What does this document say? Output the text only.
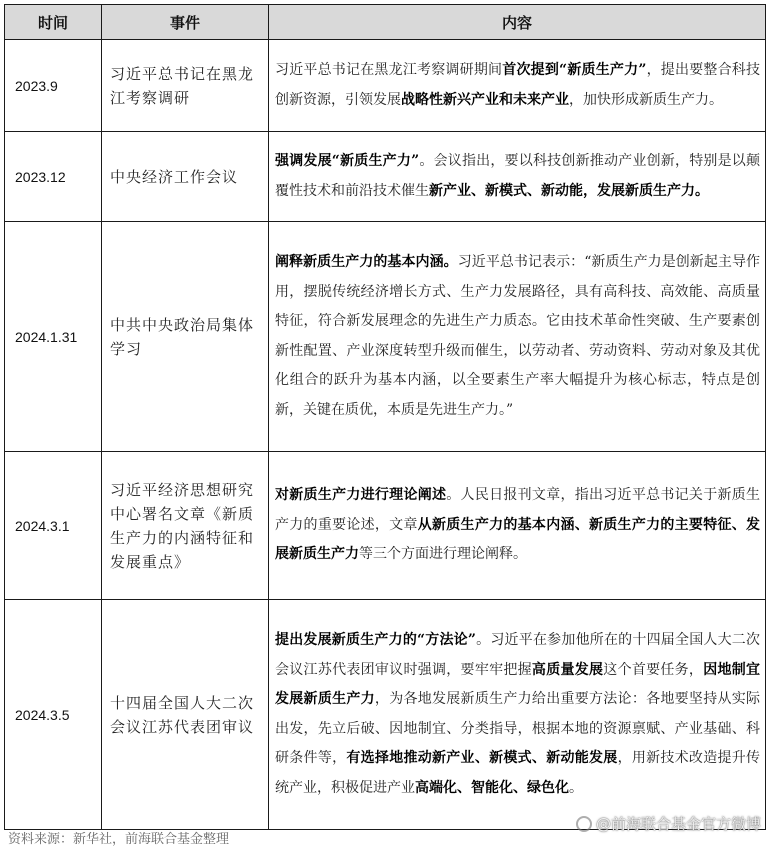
时间	事件	内容
2023.9	习近平总书记在黑龙江考察调研	习近平总书记在黑龙江考察调研期间首次提到“新质生产力”，提出要整合科技创新资源，引领发展战略性新兴产业和未来产业，加快形成新质生产力。
2023.12	中央经济工作会议	强调发展“新质生产力”。会议指出，要以科技创新推动产业创新，特别是以颠覆性技术和前沿技术催生新产业、新模式、新动能，发展新质生产力。
2024.1.31	中共中央政治局集体学习	阐释新质生产力的基本内涵。习近平总书记表示：“新质生产力是创新起主导作用，摆脱传统经济增长方式、生产力发展路径，具有高科技、高效能、高质量特征，符合新发展理念的先进生产力质态。它由技术革命性突破、生产要素创新性配置、产业深度转型升级而催生，以劳动者、劳动资料、劳动对象及其优化组合的跃升为基本内涵，以全要素生产率大幅提升为核心标志，特点是创新，关键在质优，本质是先进生产力。”
2024.3.1	习近平经济思想研究中心署名文章《新质生产力的内涵特征和发展重点》	对新质生产力进行理论阐述。人民日报刊文章，指出习近平总书记关于新质生产力的重要论述，文章从新质生产力的基本内涵、新质生产力的主要特征、发展新质生产力等三个方面进行理论阐释。
2024.3.5	十四届全国人大二次会议江苏代表团审议	提出发展新质生产力的“方法论”。习近平在参加他所在的十四届全国人大二次会议江苏代表团审议时强调，要牢牢把握高质量发展这个首要任务，因地制宜发展新质生产力，为各地发展新质生产力给出重要方法论：各地要坚持从实际出发，先立后破、因地制宜、分类指导，根据本地的资源禀赋、产业基础、科研条件等，有选择地推动新产业、新模式、新动能发展，用新技术改造提升传统产业，积极促进产业高端化、智能化、绿色化。
资料来源：新华社，前海联合基金整理
@前海联合基金官方微博
